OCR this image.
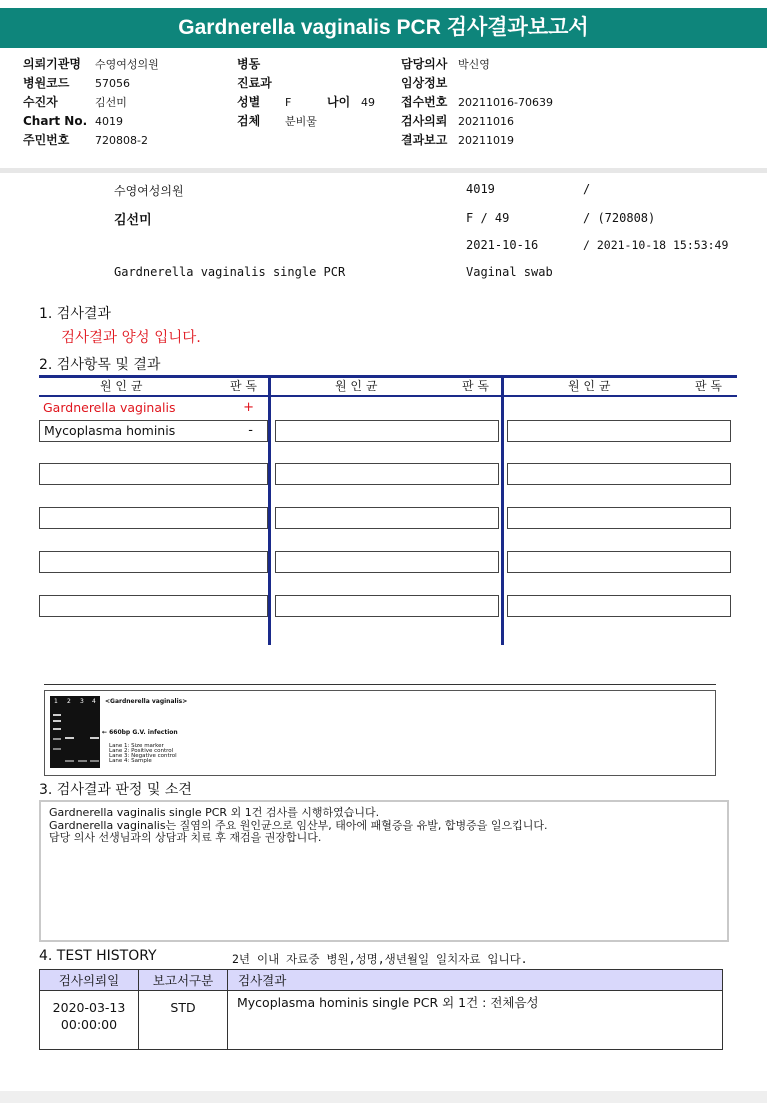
Gardnerella vaginalis PCR 검사결과보고서
의뢰기관명 수영여성의원
병원코드 57056
수진자	김선미
Chart No. 4019
주민번호 720808-2
병동
진료과
성별 F	나이 49
검체 분비물
담당의사 박신영
임상정보
접수번호 20211016-70639
검사의뢰 20211016
결과보고 20211019
수영여성의원	4019	/
김선미	F / 49	/ (720808)
2021-10-16	/ 2021-10-18 15:53:49
Gardnerella vaginalis single PCR	Vaginal swab
1. 검사결과
검사결과 양성 입니다.
2. 검사항목 및 결과
원 인 균	판 독	원 인 균	판 독	원 인 균	판 독
Gardnerella vaginalis	+
Mycoplasma hominis	-
1 2 3 4 <Gardnerella vaginalis>
← 660bp G.V. infection
Lane 1: Size marker
Lane 2: Positive control
Lane 3: Negative control
Lane 4: Sample
3. 검사결과 판정 및 소견
Gardnerella vaginalis single PCR 외 1건 검사를 시행하였습니다.
Gardnerella vaginalis는 질염의 주요 원인균으로 임산부, 태아에 패혈증을 유발, 합병증을 일으킵니다.
담당 의사 선생님과의 상담과 치료 후 재검을 권장합니다.
4. TEST HISTORY	2년 이내 자료중 병원,성명,생년월일 일치자료 입니다.
검사의뢰일	보고서구분	검사결과

2020-03-13
00:00:00	STD	Mycoplasma hominis single PCR 외 1건 : 전체음성
